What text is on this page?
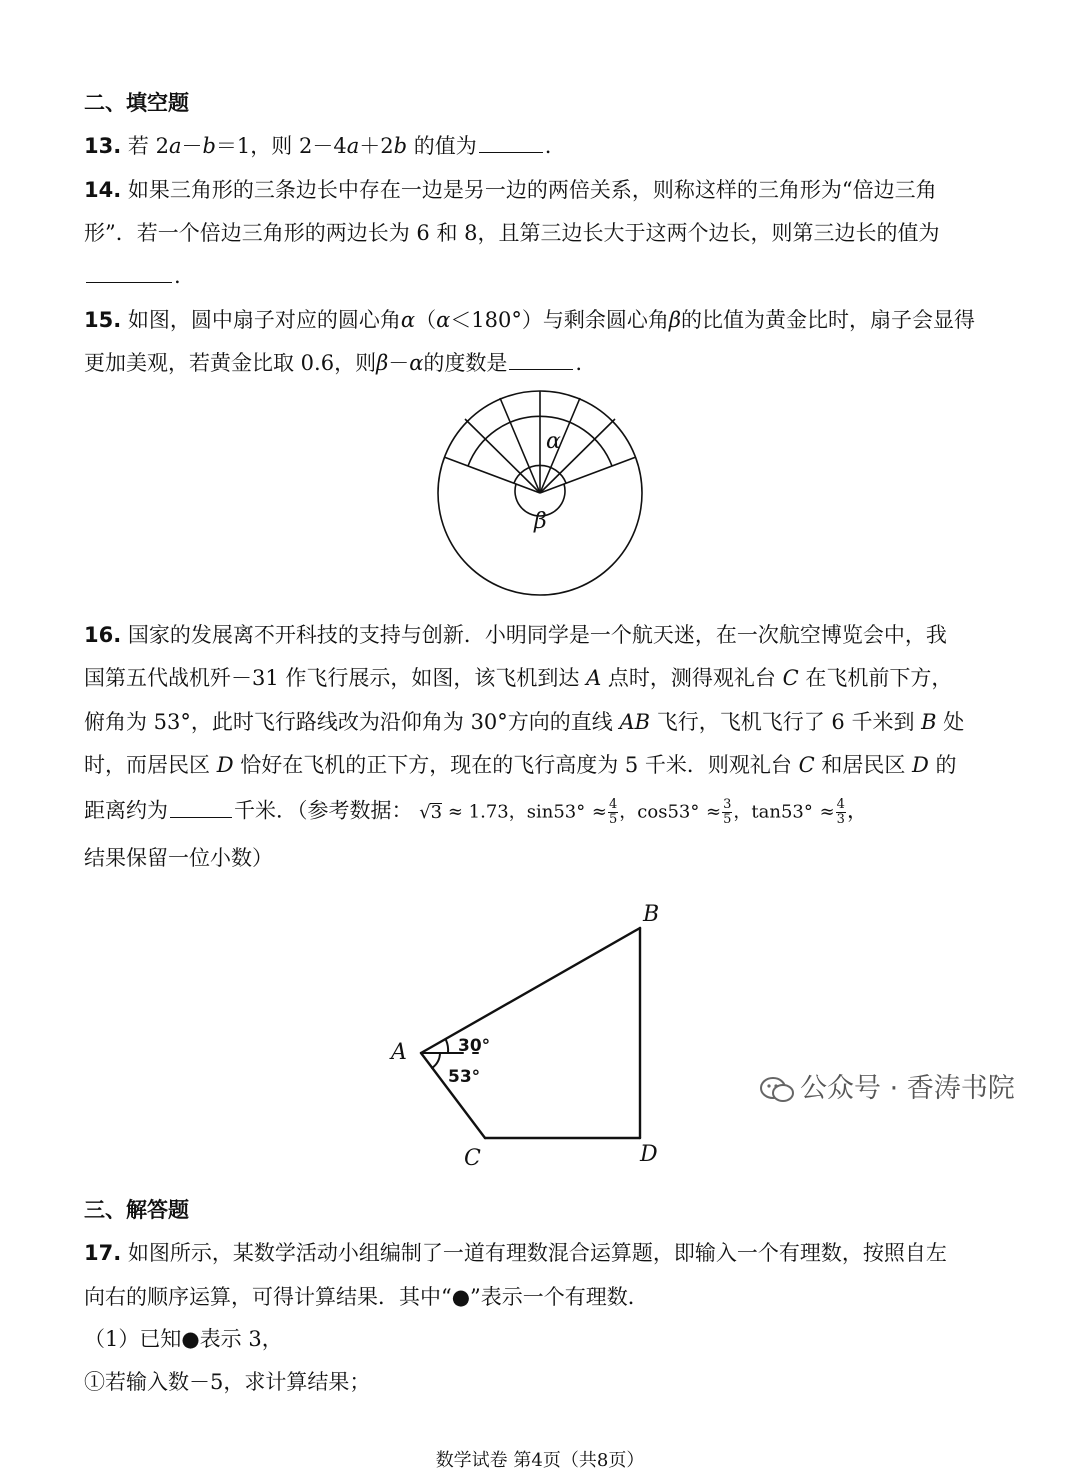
二、填空题
13. 若 2a－b＝1，则 2－4a＋2b 的值为	.
14. 如果三角形的三条边长中存在一边是另一边的两倍关系，则称这样的三角形为“倍边三角
形”．若一个倍边三角形的两边长为 6 和 8，且第三边长大于这两个边长，则第三边长的值为
.
15. 如图，圆中扇子对应的圆心角α（α＜180°）与剩余圆心角β的比值为黄金比时，扇子会显得
更加美观，若黄金比取 0.6，则β－α的度数是	.
α
β
16. 国家的发展离不开科技的支持与创新．小明同学是一个航天迷，在一次航空博览会中，我
国第五代战机歼－31 作飞行展示，如图，该飞机到达 A 点时，测得观礼台 C 在飞机前下方，
俯角为 53°，此时飞行路线改为沿仰角为 30°方向的直线 AB 飞行，飞机飞行了 6 千米到 B 处
时，而居民区 D 恰好在飞机的正下方，现在的飞行高度为 5 千米．则观礼台 C 和居民区 D 的
距离约为	千米．（参考数据： √3 ≈ 1.73，$\sin 53^\circ \approx \frac{4}{5}$ ，$\cos 53^\circ \approx \frac{3}{5}$ ，$\tan 53^\circ \approx \frac{4}{3}$ ，
结果保留一位小数）
B
A
C	D
30°
53°
三、解答题
17. 如图所示，某数学活动小组编制了一道有理数混合运算题，即输入一个有理数，按照自左
向右的顺序运算，可得计算结果．其中“●”表示一个有理数．
（1）已知●表示 3，
①若输入数－5，求计算结果；
公众号 · 香涛书院
数学试卷 第4页（共8页）
